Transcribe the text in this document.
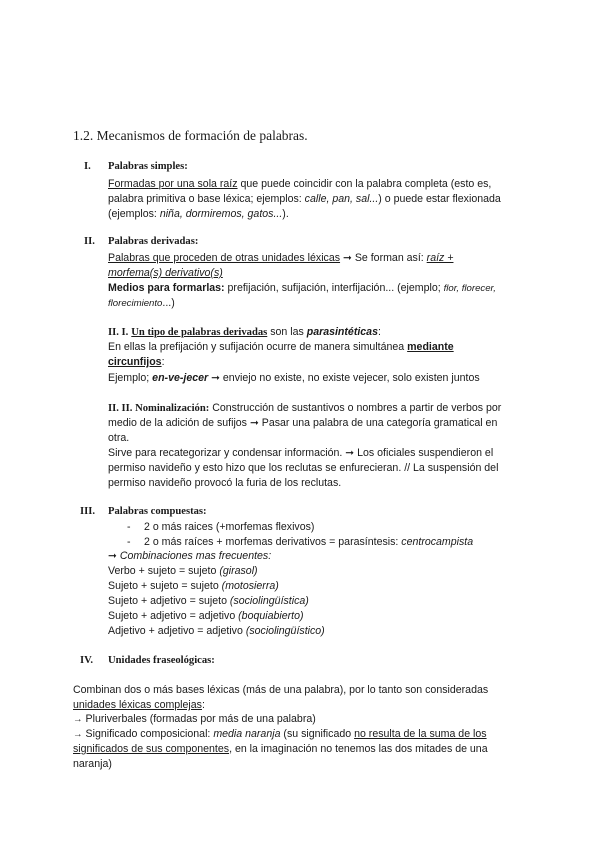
1.2. Mecanismos de formación de palabras.
I. Palabras simples:
Formadas por una sola raíz que puede coincidir con la palabra completa (esto es,
palabra primitiva o base léxica; ejemplos: calle, pan, sal...) o puede estar flexionada
(ejemplos: niña, dormiremos, gatos...).
II. Palabras derivadas:
Palabras que proceden de otras unidades léxicas ➞ Se forman así: raíz +
morfema(s) derivativo(s)
Medios para formarlas: prefijación, sufijación, interfijación... (ejemplo; flor, florecer,
florecimiento...)
II. I. Un tipo de palabras derivadas son las parasintéticas:
En ellas la prefijación y sufijación ocurre de manera simultánea mediante
circunfijos:
Ejemplo; en-ve-jecer ➞ enviejo no existe, no existe vejecer, solo existen juntos
II. II. Nominalización: Construcción de sustantivos o nombres a partir de verbos por
medio de la adición de sufijos ➞ Pasar una palabra de una categoría gramatical en
otra.
Sirve para recategorizar y condensar información. ➞ Los oficiales suspendieron el
permiso navideño y esto hizo que los reclutas se enfurecieran. // La suspensión del
permiso navideño provocó la furia de los reclutas.
III. Palabras compuestas:
- 2 o más raices (+morfemas flexivos)
- 2 o más raíces + morfemas derivativos = parasíntesis: centrocampista
➞ Combinaciones mas frecuentes:
Verbo + sujeto = sujeto (girasol)
Sujeto + sujeto = sujeto (motosierra)
Sujeto + adjetivo = sujeto (sociolingüística)
Sujeto + adjetivo = adjetivo (boquiabierto)
Adjetivo + adjetivo = adjetivo (sociolingüístico)
IV. Unidades fraseológicas:
Combinan dos o más bases léxicas (más de una palabra), por lo tanto son consideradas
unidades léxicas complejas:
→ Pluriverbales (formadas por más de una palabra)
→ Significado composicional: media naranja (su significado no resulta de la suma de los
significados de sus componentes, en la imaginación no tenemos las dos mitades de una
naranja)
